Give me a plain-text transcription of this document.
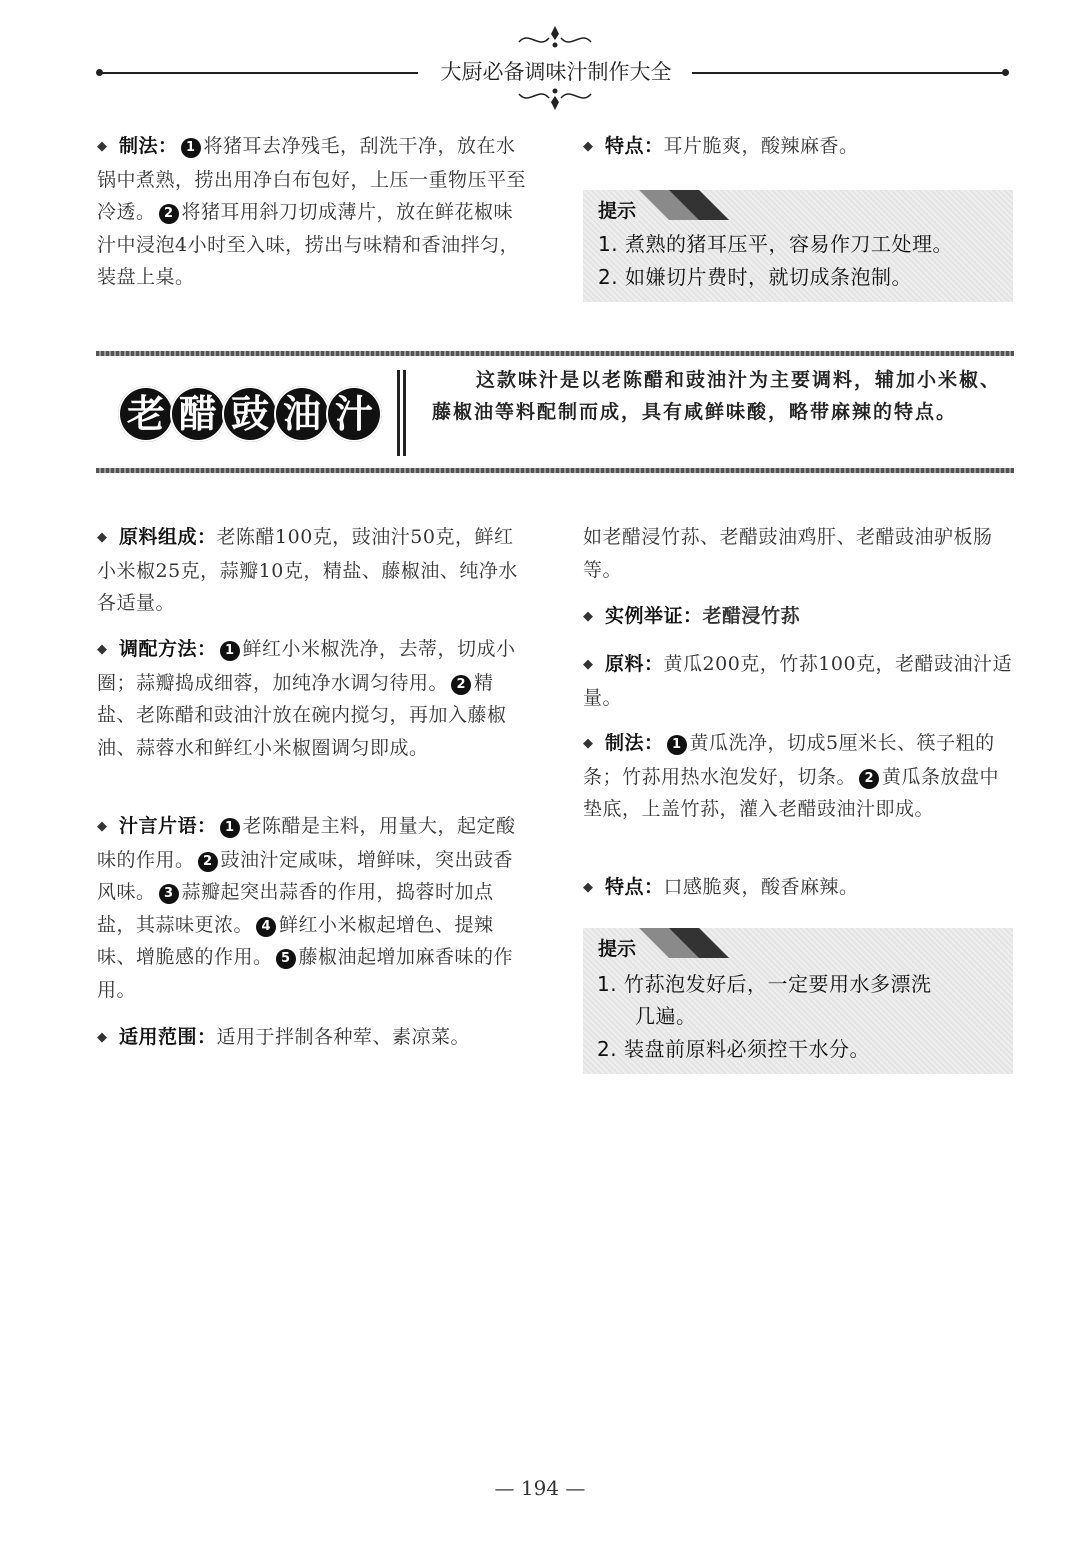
大厨必备调味汁制作大全
◆ 制法： 1 将猪耳去净残毛，刮洗干净，放在水锅中煮熟，捞出用净白布包好，上压一重物压平至冷透。 2 将猪耳用斜刀切成薄片，放在鲜花椒味汁中浸泡4小时至入味，捞出与味精和香油拌匀，装盘上桌。
◆ 特点：耳片脆爽，酸辣麻香。
提示
1. 煮熟的猪耳压平，容易作刀工处理。
2. 如嫌切片费时，就切成条泡制。
老 醋 豉 油 汁
这款味汁是以老陈醋和豉油汁为主要调料，辅加小米椒、藤椒油等料配制而成，具有咸鲜味酸，略带麻辣的特点。
◆ 原料组成：老陈醋100克，豉油汁50克，鲜红小米椒25克，蒜瓣10克，精盐、藤椒油、纯净水各适量。
◆ 调配方法： 1 鲜红小米椒洗净，去蒂，切成小圈；蒜瓣捣成细蓉，加纯净水调匀待用。 2 精盐、老陈醋和豉油汁放在碗内搅匀，再加入藤椒油、蒜蓉水和鲜红小米椒圈调匀即成。
◆ 汁言片语： 1 老陈醋是主料，用量大，起定酸味的作用。 2 豉油汁定咸味，增鲜味，突出豉香风味。 3 蒜瓣起突出蒜香的作用，捣蓉时加点盐，其蒜味更浓。 4 鲜红小米椒起增色、提辣味、增脆感的作用。 5 藤椒油起增加麻香味的作用。
◆ 适用范围：适用于拌制各种荤、素凉菜。
如老醋浸竹荪、老醋豉油鸡肝、老醋豉油驴板肠等。
◆ 实例举证：老醋浸竹荪
◆ 原料：黄瓜200克，竹荪100克，老醋豉油汁适量。
◆ 制法： 1 黄瓜洗净，切成5厘米长、筷子粗的条；竹荪用热水泡发好，切条。 2 黄瓜条放盘中垫底，上盖竹荪，灌入老醋豉油汁即成。
◆ 特点：口感脆爽，酸香麻辣。
提示
1. 竹荪泡发好后，一定要用水多漂洗
几遍。
2. 装盘前原料必须控干水分。
— 194 —
